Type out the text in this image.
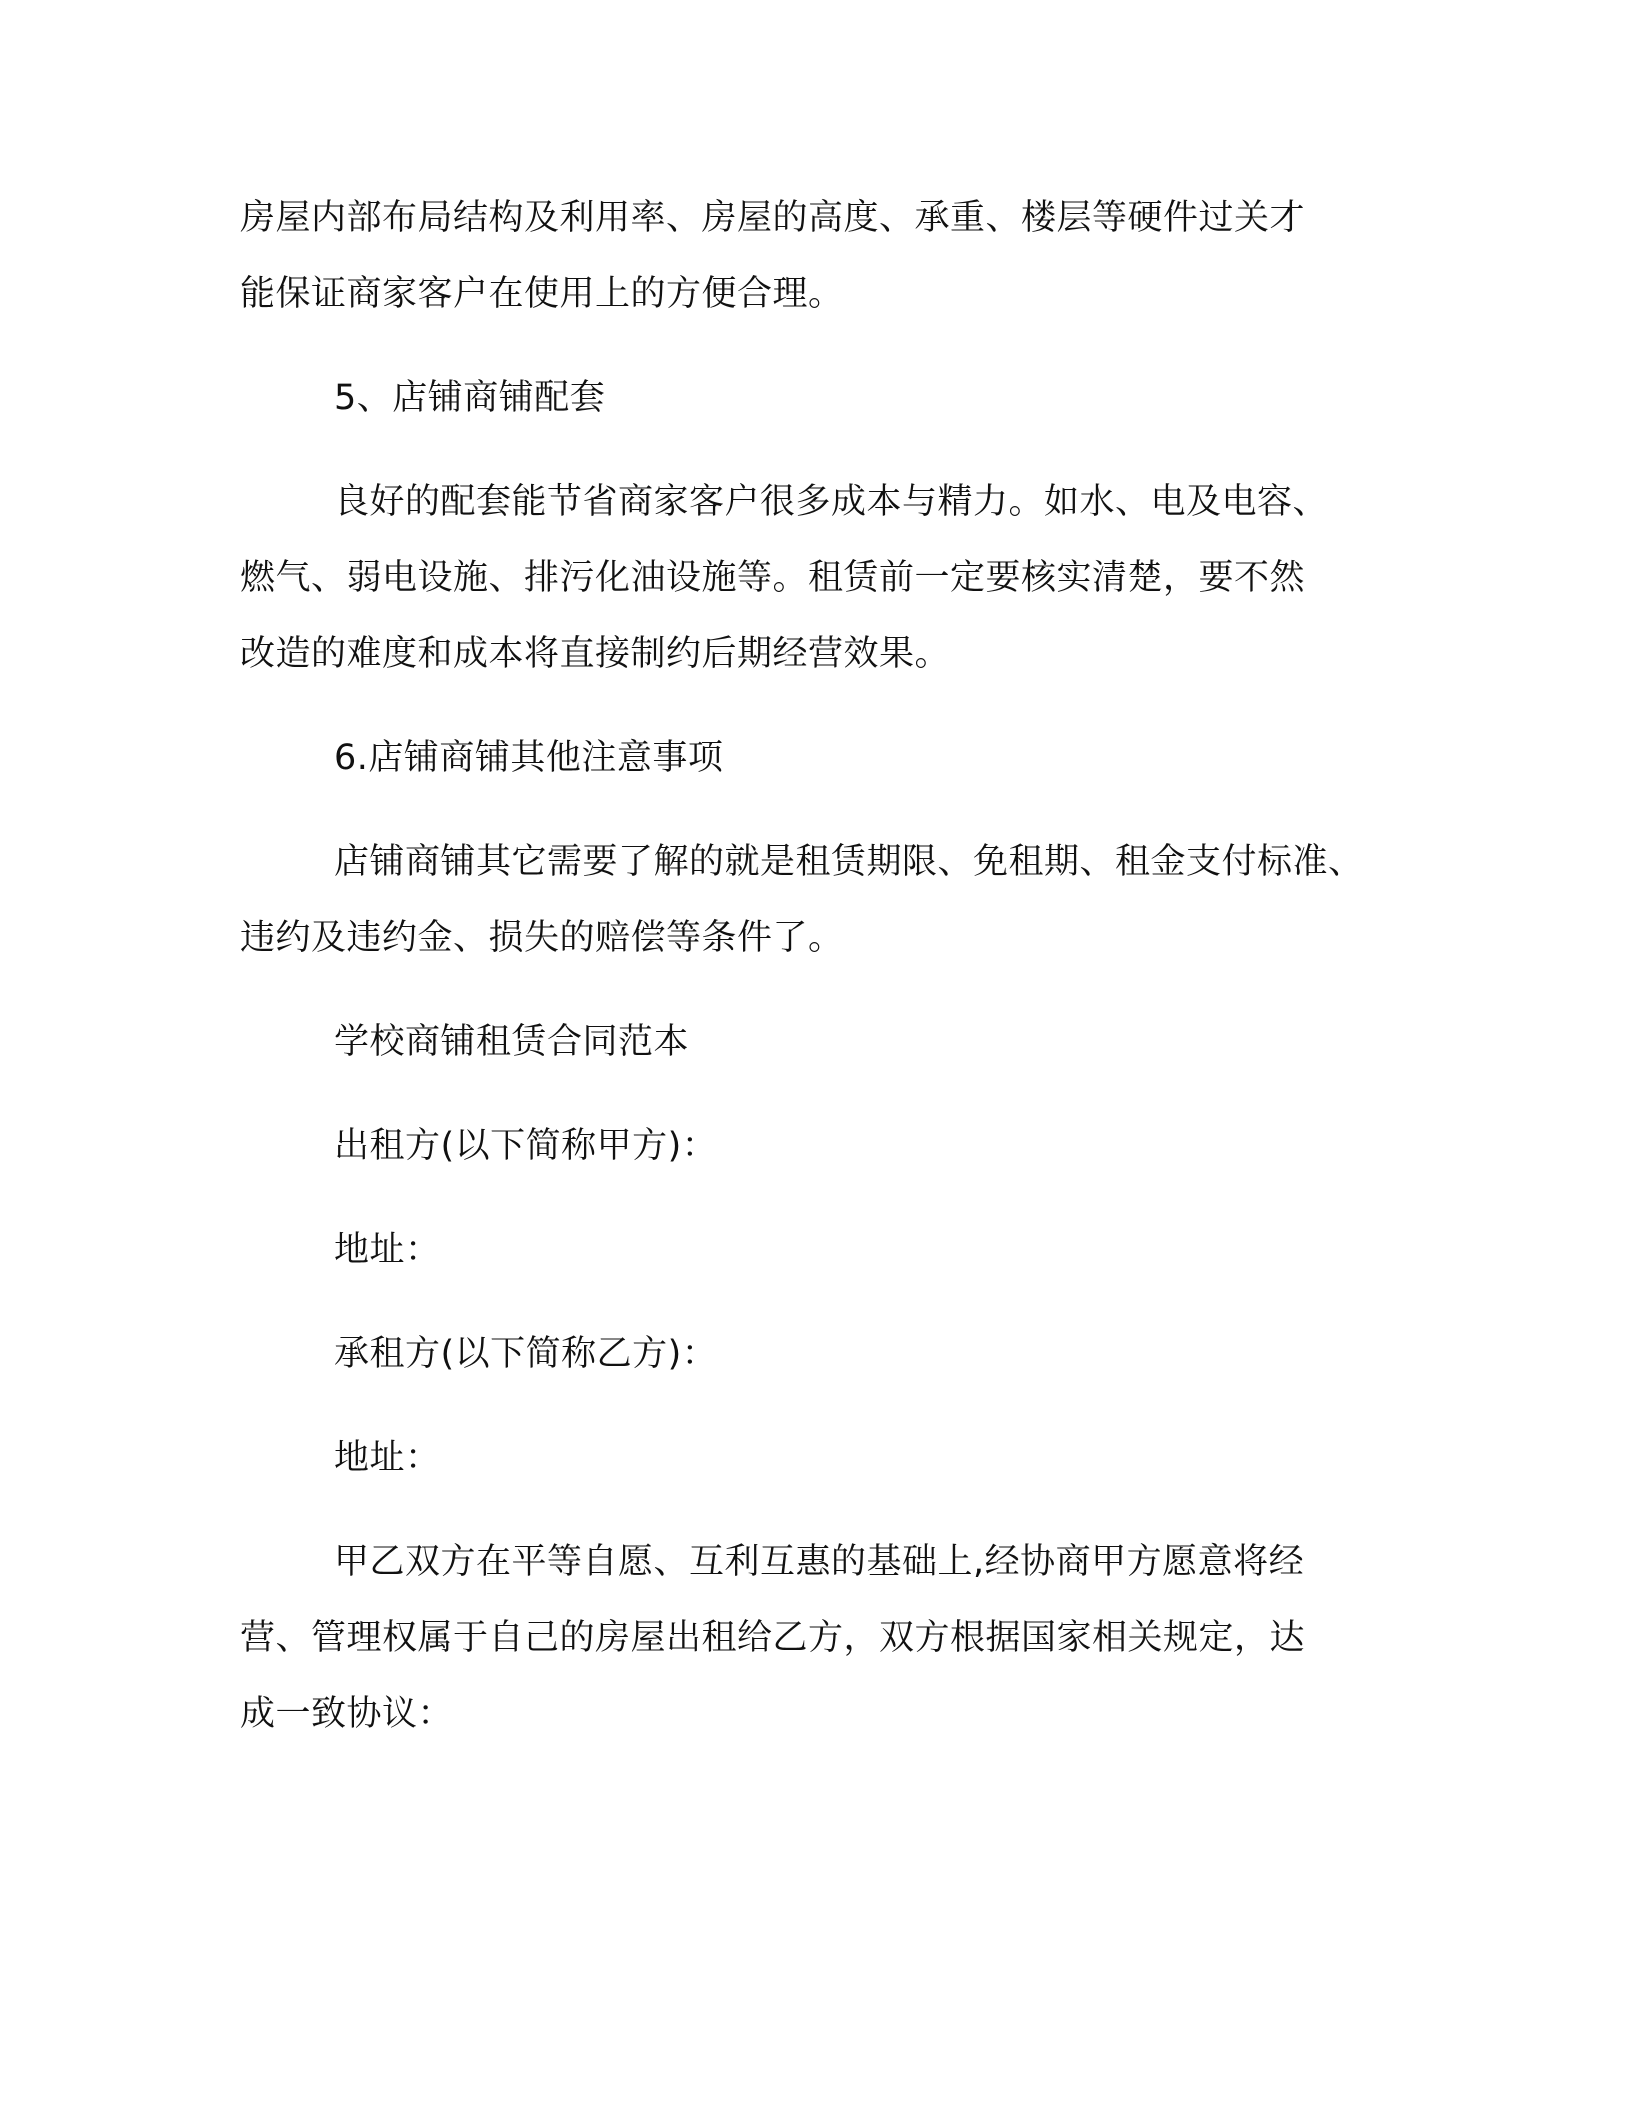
房屋内部布局结构及利用率、房屋的高度、承重、楼层等硬件过关才
能保证商家客户在使用上的方便合理。
5、店铺商铺配套
良好的配套能节省商家客户很多成本与精力。如水、电及电容、
燃气、弱电设施、排污化油设施等。租赁前一定要核实清楚，要不然
改造的难度和成本将直接制约后期经营效果。
6.店铺商铺其他注意事项
店铺商铺其它需要了解的就是租赁期限、免租期、租金支付标准、
违约及违约金、损失的赔偿等条件了。
学校商铺租赁合同范本
出租方(以下简称甲方)：
地址：
承租方(以下简称乙方)：
地址：
甲乙双方在平等自愿、互利互惠的基础上,经协商甲方愿意将经
营、管理权属于自己的房屋出租给乙方，双方根据国家相关规定，达
成一致协议：
